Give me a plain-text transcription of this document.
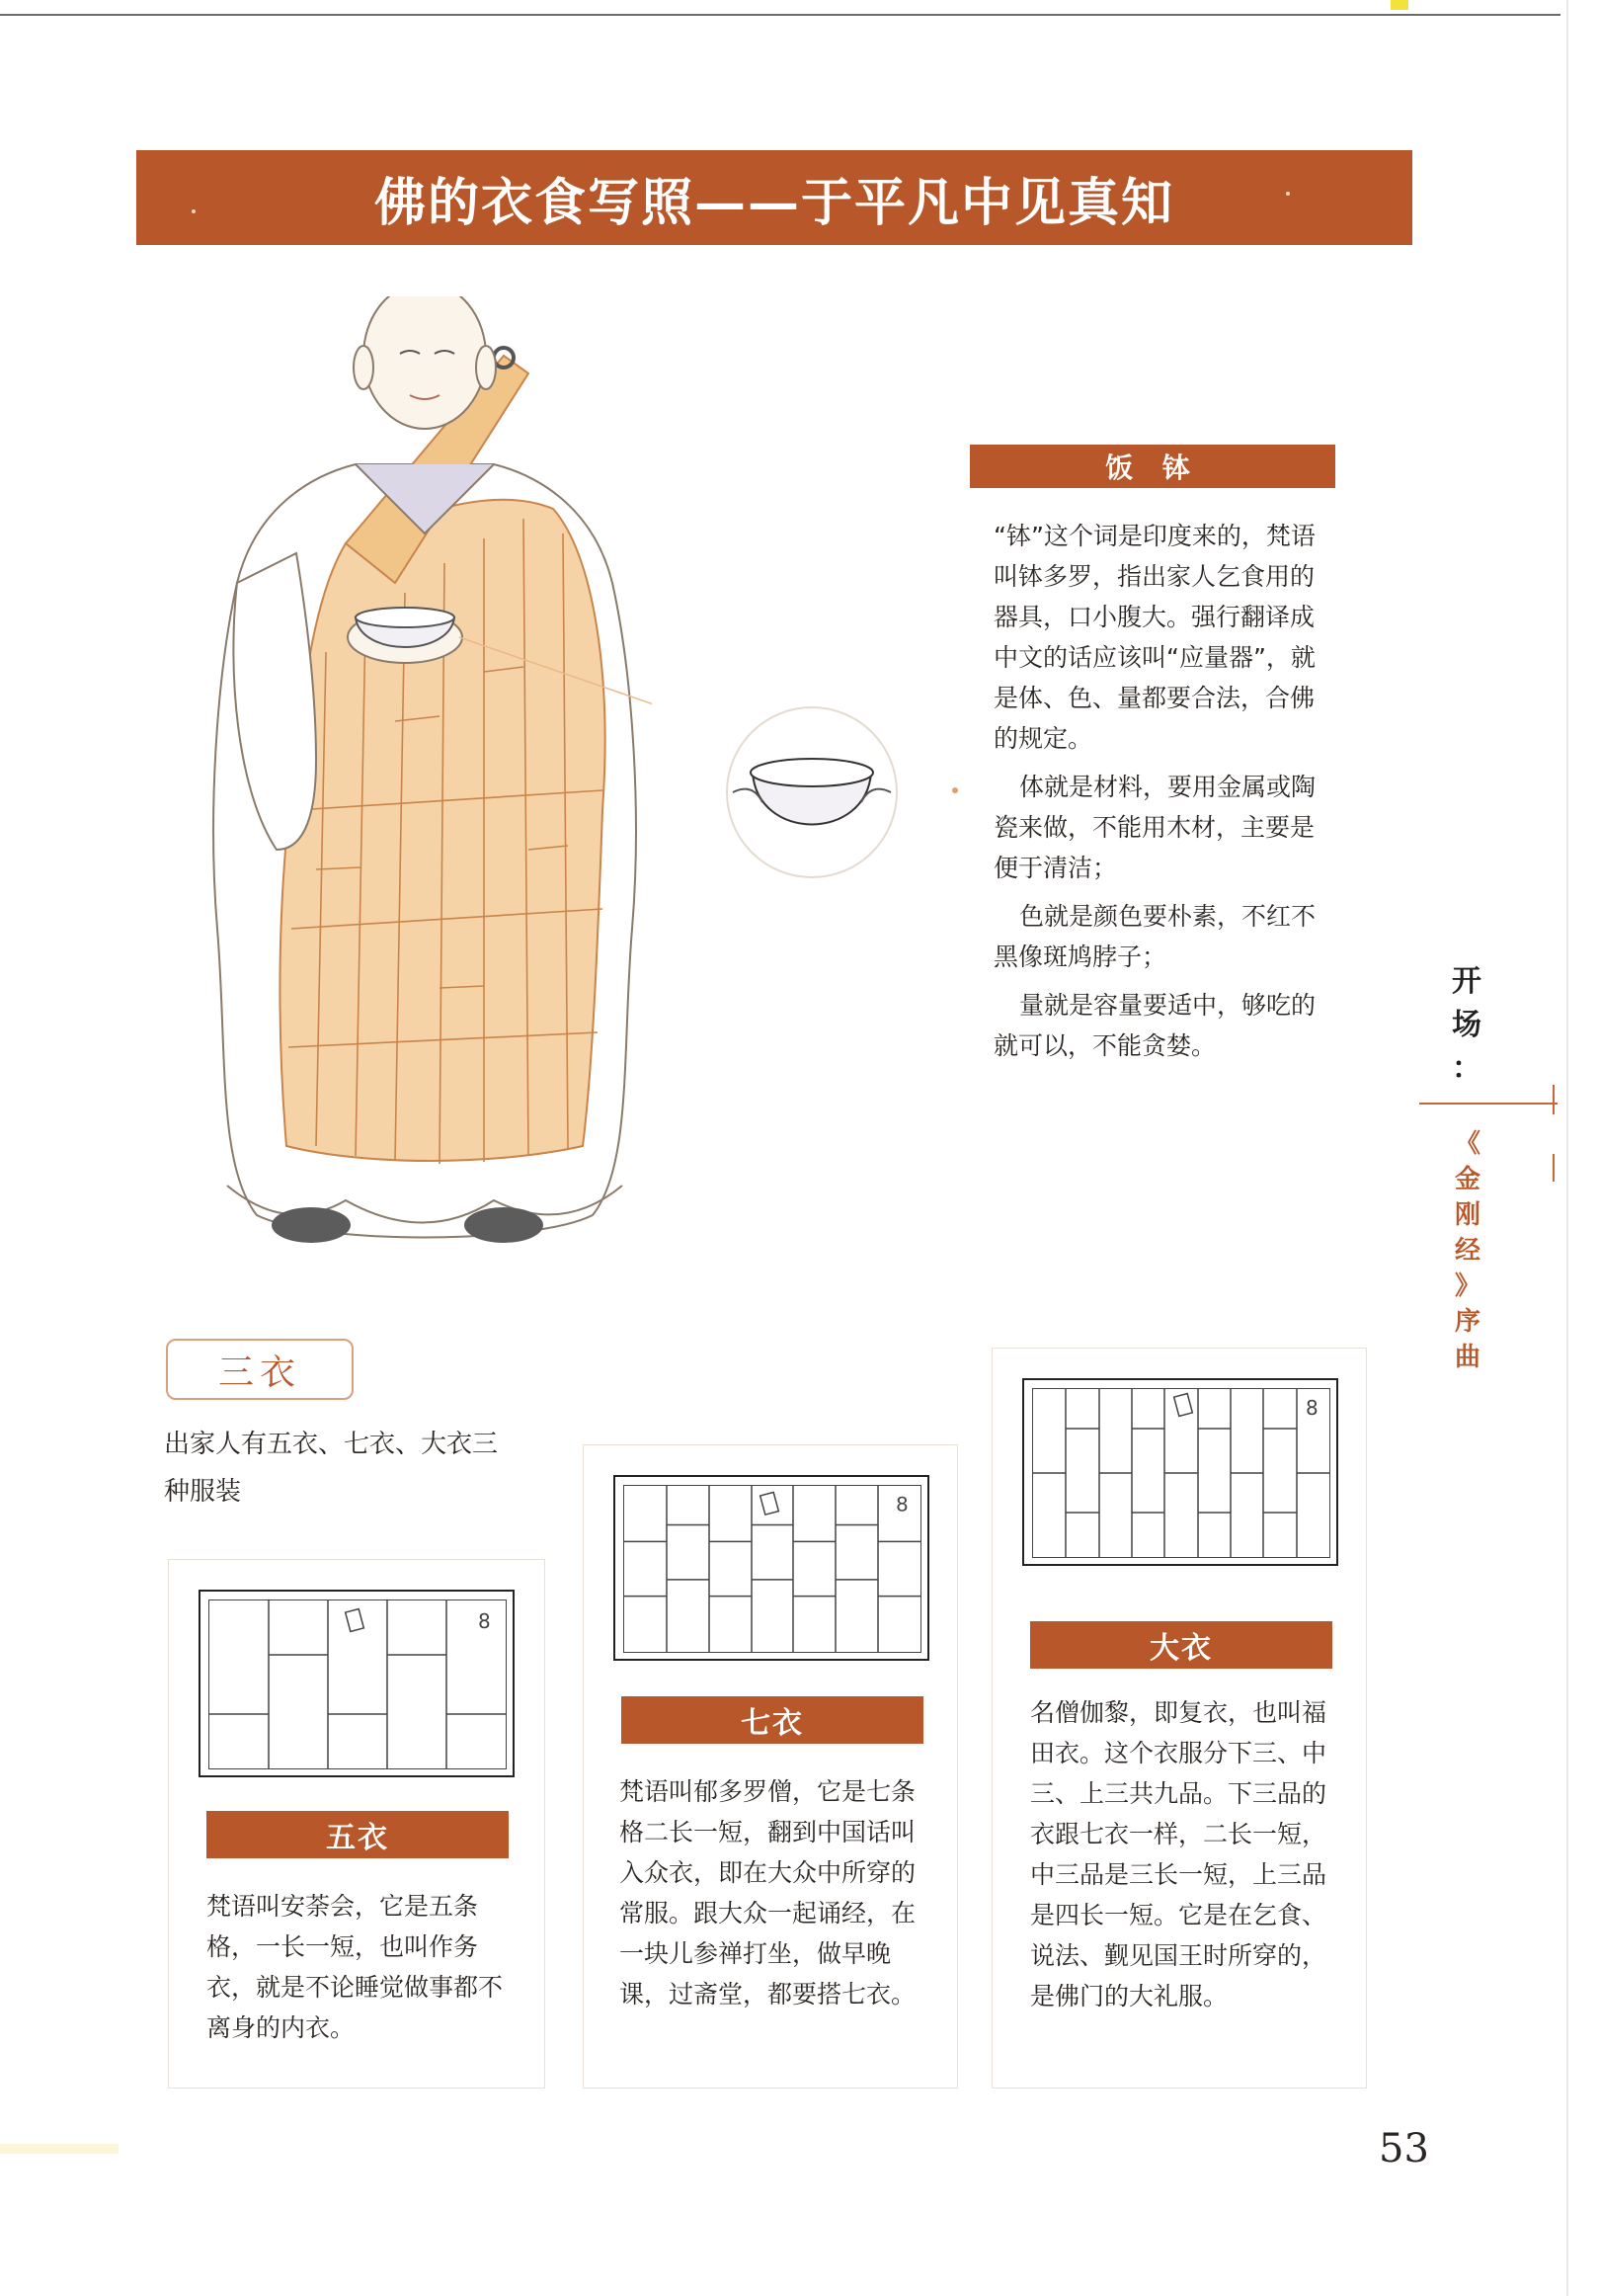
佛的衣食写照——于平凡中见真知
饭 钵

“钵”这个词是印度来的，梵语叫钵多罗，指出家人乞食用的器具，口小腹大。强行翻译成中文的话应该叫“应量器”，就是体、色、量都要合法，合佛的规定。

体就是材料，要用金属或陶瓷来做，不能用木材，主要是便于清洁；

色就是颜色要朴素，不红不黑像斑鸠脖子；

量就是容量要适中，够吃的就可以，不能贪婪。

开
场
：
《
金
刚
经
》
序
曲
三衣
出家人有五衣、七衣、大衣三种服装
8
五衣
梵语叫安荼会，它是五条格，一长一短，也叫作务衣，就是不论睡觉做事都不离身的内衣。
8
七衣
梵语叫郁多罗僧，它是七条格二长一短，翻到中国话叫入众衣，即在大众中所穿的常服。跟大众一起诵经，在一块儿参禅打坐，做早晚课，过斋堂，都要搭七衣。
8
大衣
名僧伽黎，即复衣，也叫福田衣。这个衣服分下三、中三、上三共九品。下三品的衣跟七衣一样，二长一短，中三品是三长一短，上三品是四长一短。它是在乞食、说法、觐见国王时所穿的，是佛门的大礼服。
53
